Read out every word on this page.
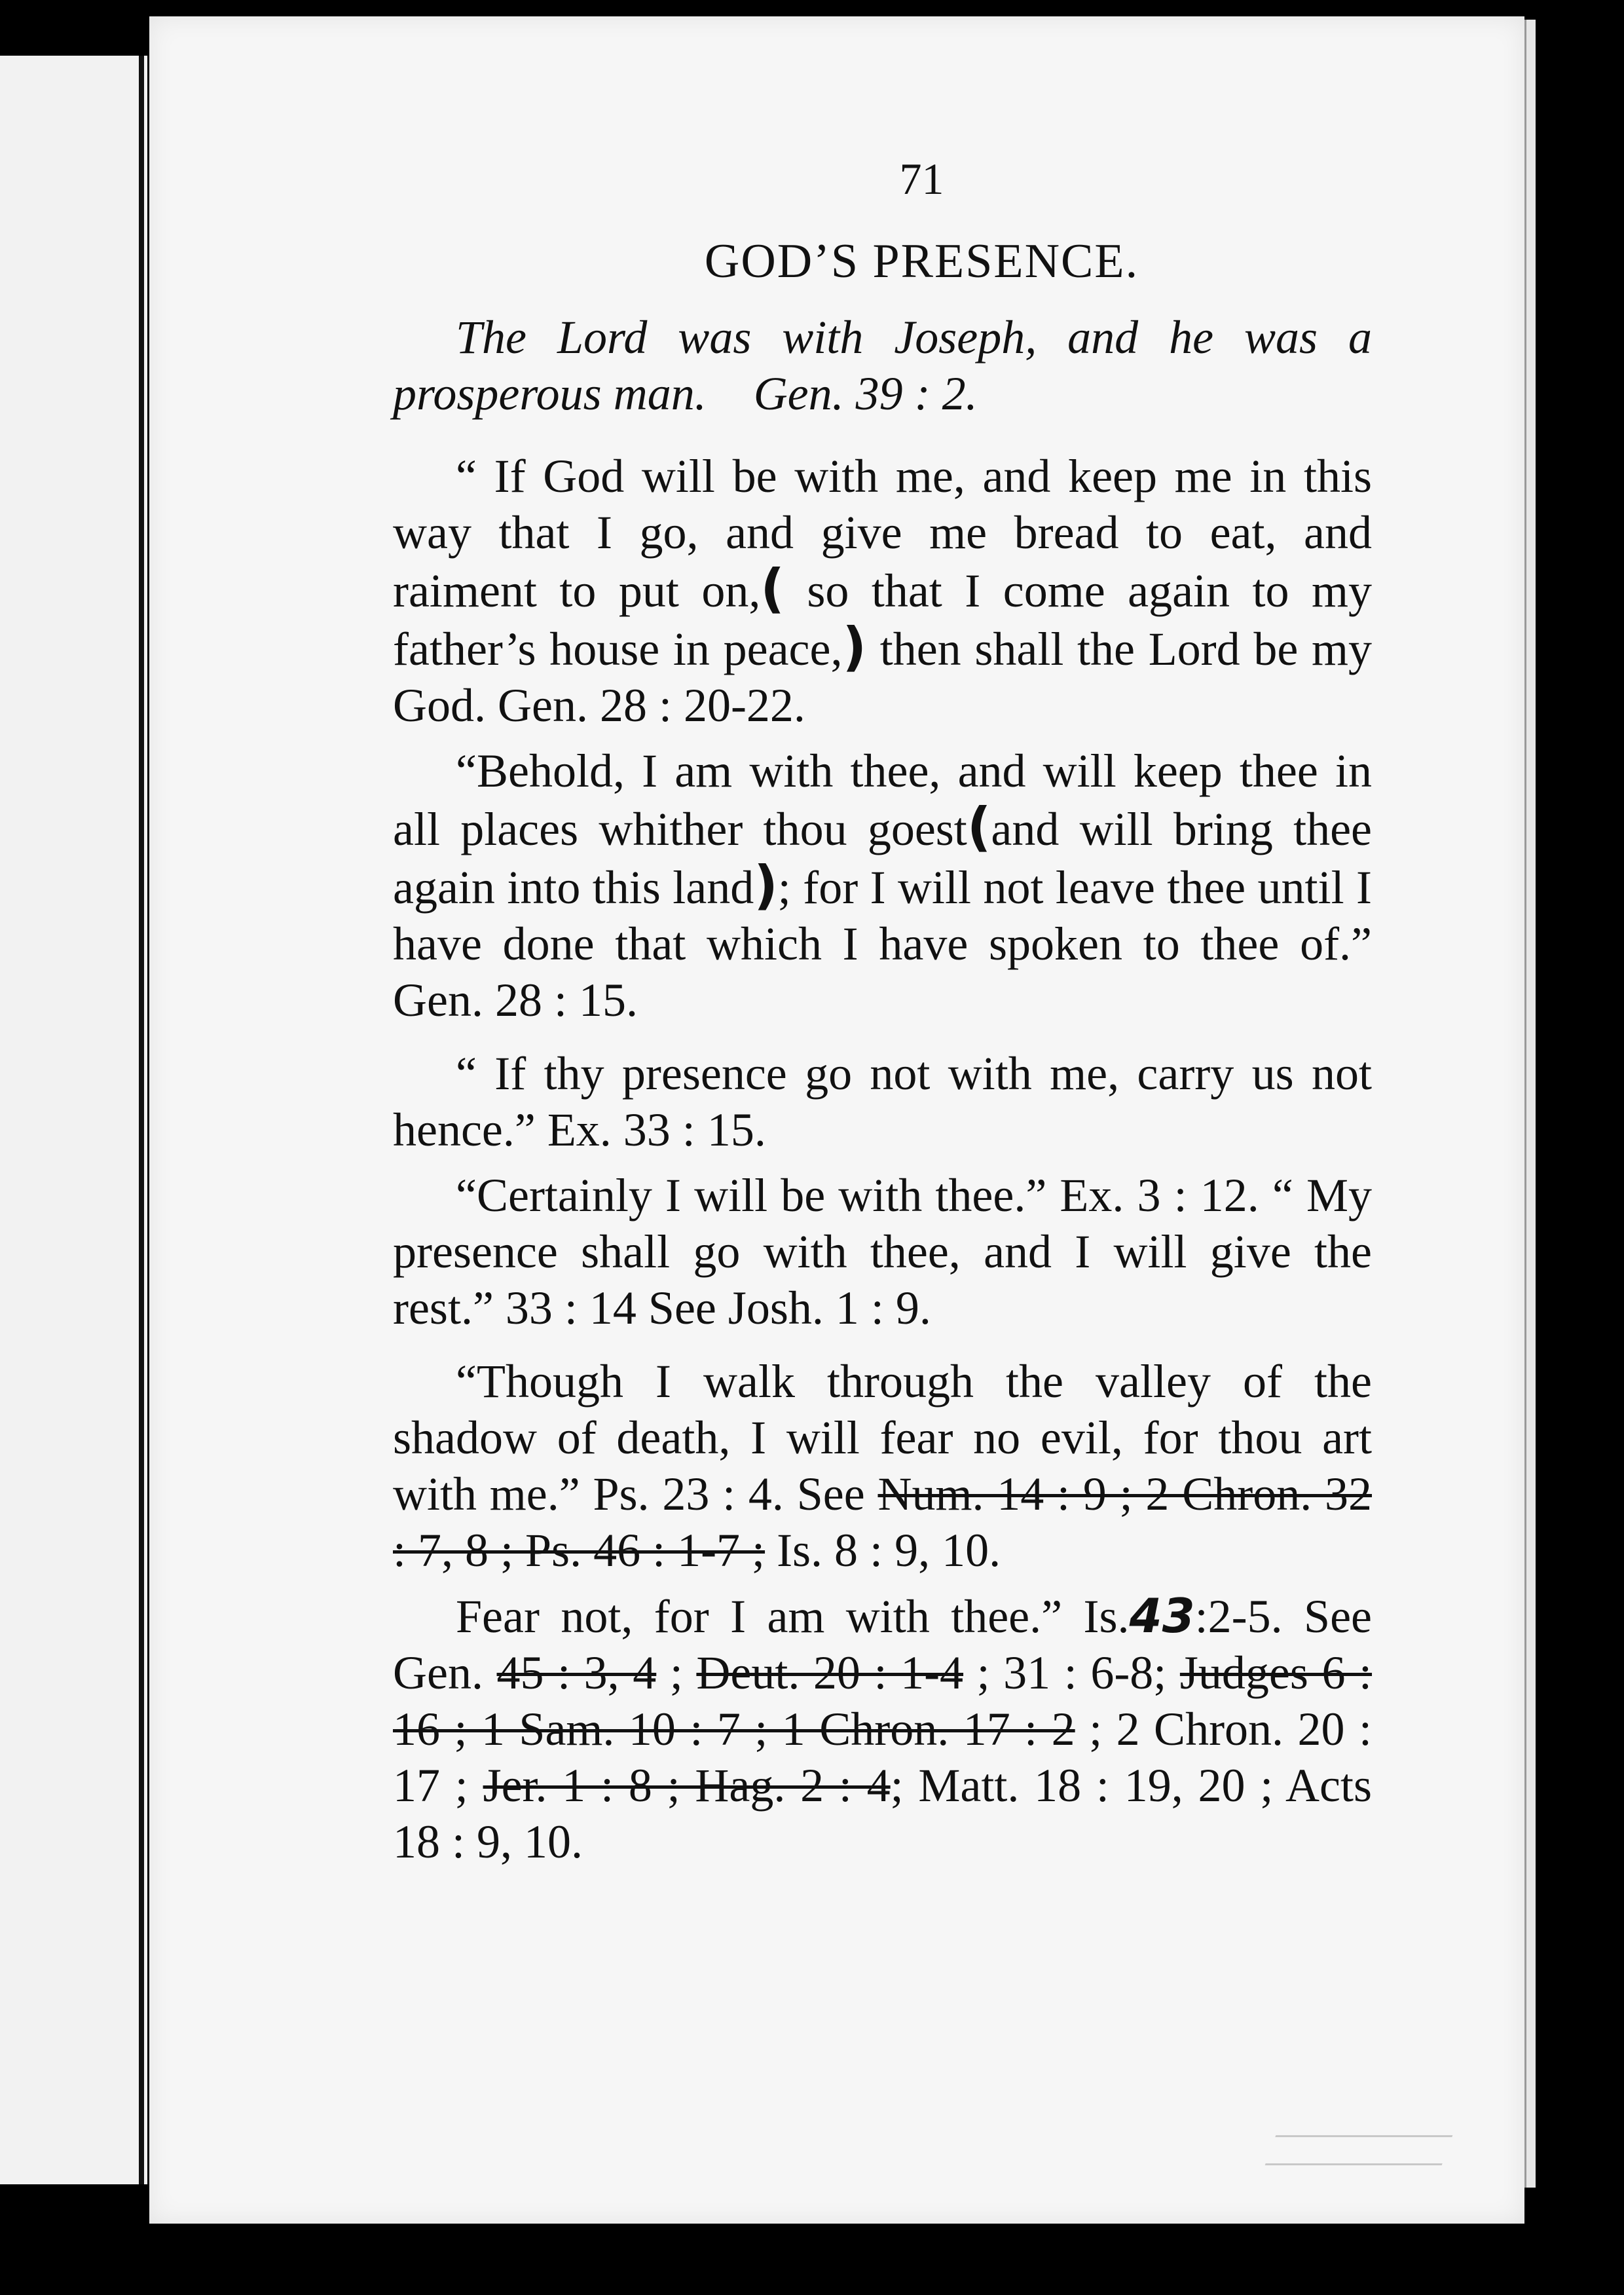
71
GOD’S PRESENCE.

The Lord was with Joseph, and he was a prosperous man. Gen. 39 : 2.

“ If God will be with me, and keep me in this way that I go, and give me bread to eat, and raiment to put on,( so that I come again to my father’s house in peace,) then shall the Lord be my God. Gen. 28 : 20-22.

“Behold, I am with thee, and will keep thee in all places whither thou goest(and will bring thee again into this land); for I will not leave thee until I have done that which I have spoken to thee of.” Gen. 28 : 15.

“ If thy presence go not with me, carry us not hence.” Ex. 33 : 15.

“Certainly I will be with thee.” Ex. 3 : 12. “ My presence shall go with thee, and I will give the rest.” 33 : 14 See Josh. 1 : 9.

“Though I walk through the valley of the shadow of death, I will fear no evil, for thou art with me.” Ps. 23 : 4. See Num. 14 : 9 ; 2 Chron. 32 : 7, 8 ; Ps. 46 : 1-7 ; Is. 8 : 9, 10.

Fear not, for I am with thee.” Is.43:2-5. See Gen. 45 : 3, 4 ; Deut. 20 : 1-4 ; 31 : 6-8; Judges 6 : 16 ; 1 Sam. 10 : 7 ; 1 Chron. 17 : 2 ; 2 Chron. 20 : 17 ; Jer. 1 : 8 ; Hag. 2 : 4; Matt. 18 : 19, 20 ; Acts 18 : 9, 10.
